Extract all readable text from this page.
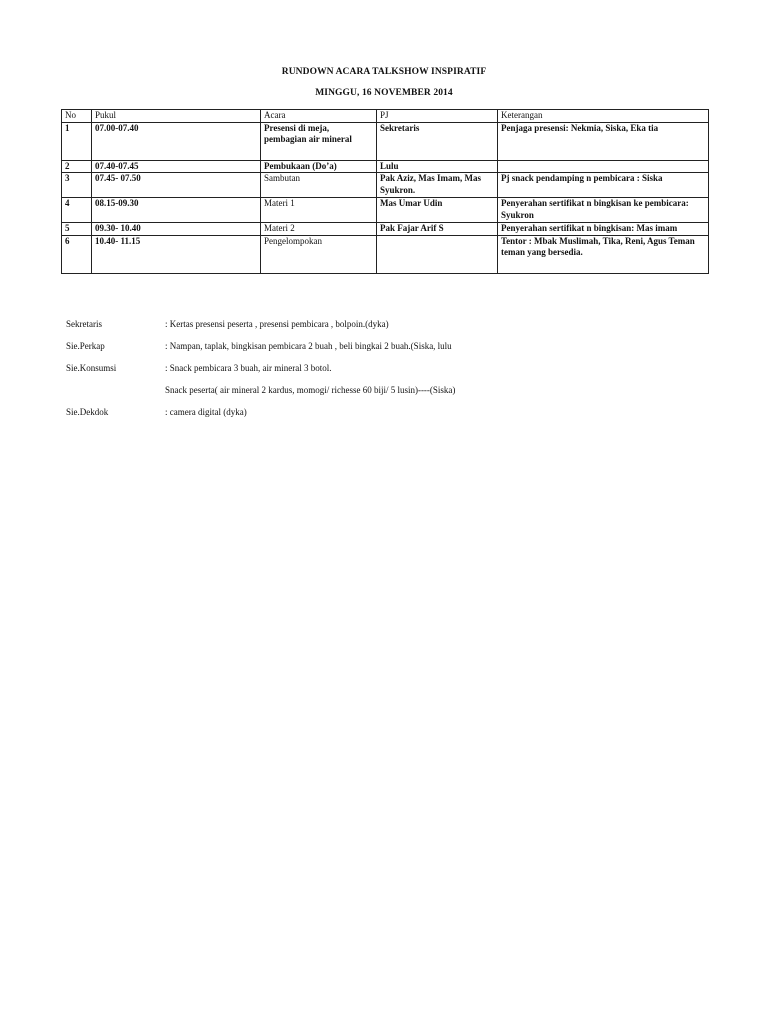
RUNDOWN ACARA TALKSHOW INSPIRATIF
MINGGU, 16 NOVEMBER 2014
No	Pukul	Acara	PJ	Keterangan
1	07.00-07.40	Presensi di meja, pembagian air mineral	Sekretaris	Penjaga presensi: Nekmia, Siska, Eka tia
2	07.40-07.45	Pembukaan (Do’a)	Lulu	
3	07.45- 07.50	Sambutan	Pak Aziz, Mas Imam, Mas Syukron.	Pj snack pendamping n pembicara : Siska
4	08.15-09.30	Materi 1	Mas Umar Udin	Penyerahan sertifikat n bingkisan ke pembicara: Syukron
5	09.30- 10.40	Materi 2	Pak Fajar Arif S	Penyerahan sertifikat n bingkisan: Mas imam
6	10.40- 11.15	Pengelompokan		Tentor : Mbak Muslimah, Tika, Reni, Agus Teman teman yang bersedia.
Sekretaris	: Kertas presensi peserta , presensi pembicara , bolpoin.(dyka)
Sie.Perkap	: Nampan, taplak, bingkisan pembicara 2 buah , beli bingkai 2 buah.(Siska, lulu
Sie.Konsumsi	: Snack pembicara 3 buah, air mineral 3 botol.
Snack peserta( air mineral 2 kardus, momogi/ richesse 60 biji/ 5 lusin)----(Siska)
Sie.Dekdok	: camera digital (dyka)
